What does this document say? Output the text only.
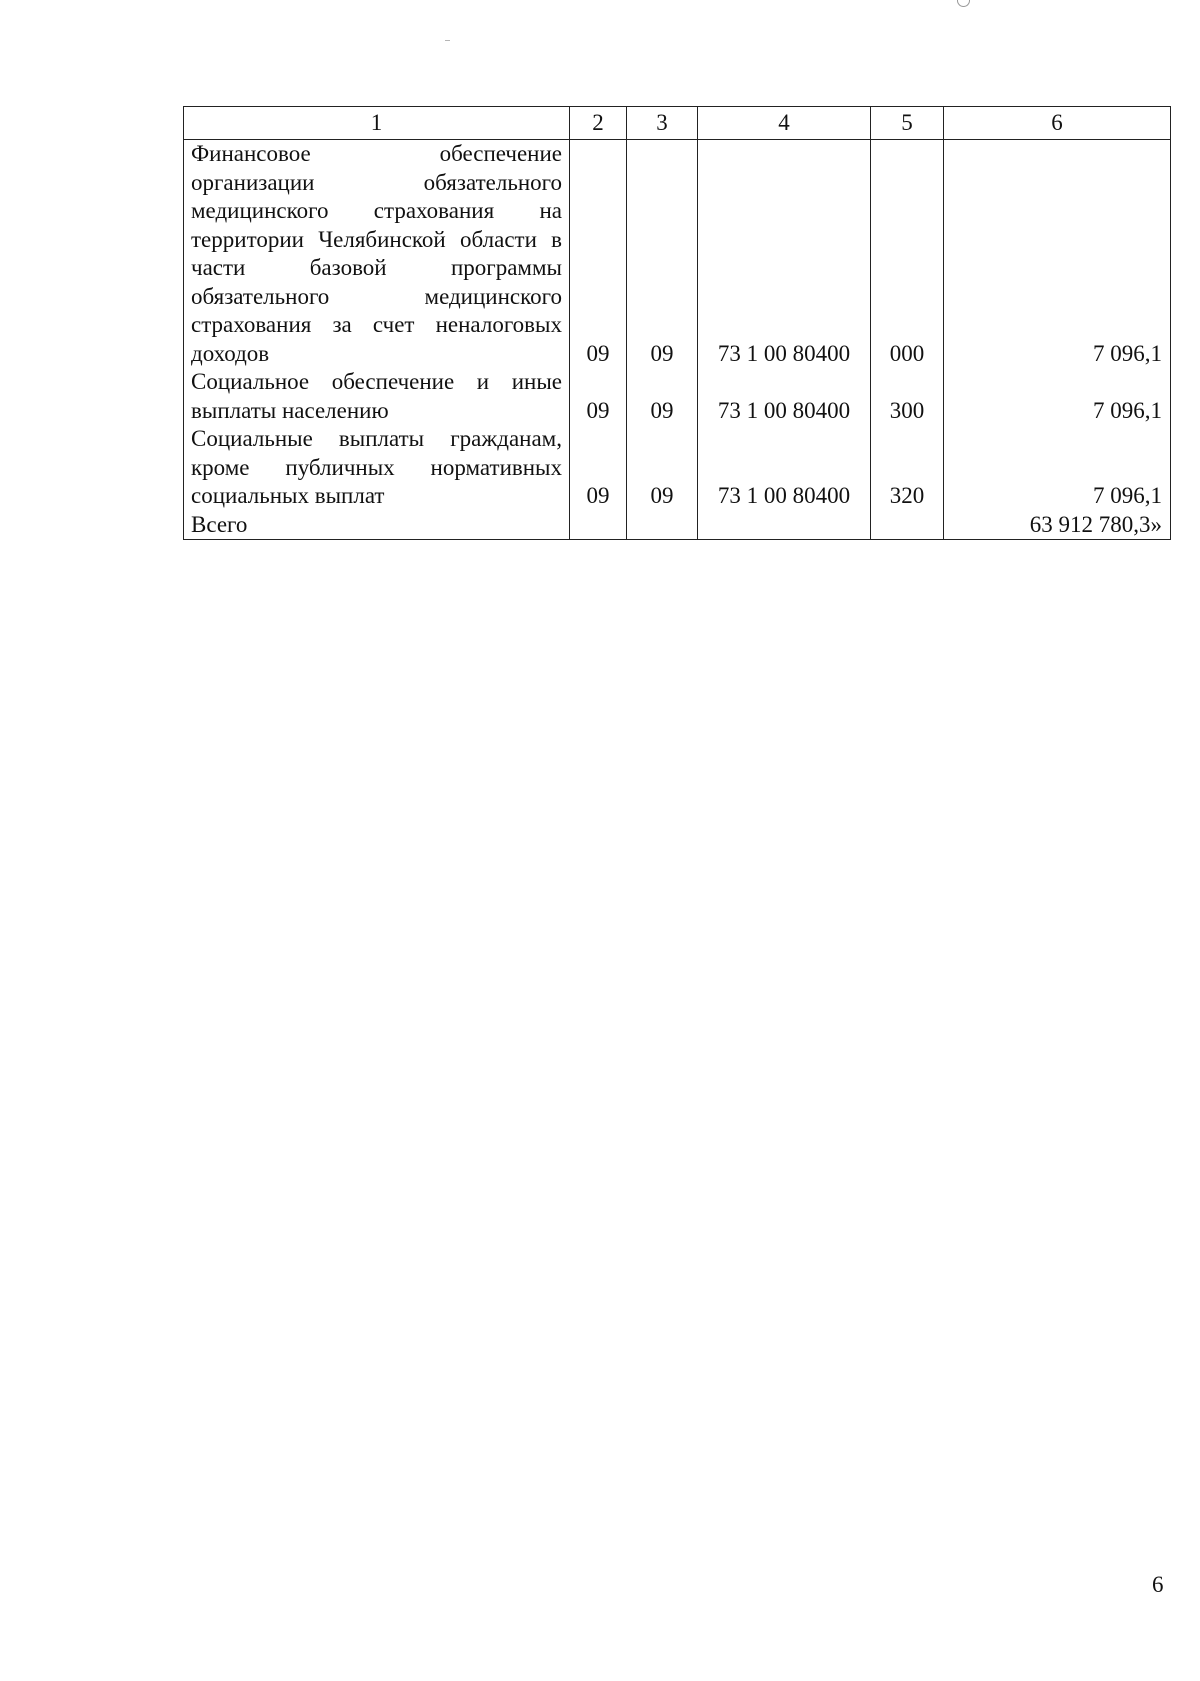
1	2	3	4	5	6
Финансовое обеспечение организации обязательного медицинского страхования на территории Челябинской области в части базовой программы обязательного медицинского страхования за счет неналоговых доходов	09	09	73 1 00 80400	000	7 096,1
Социальное обеспечение и иные выплаты населению	09	09	73 1 00 80400	300	7 096,1
Социальные выплаты гражданам, кроме публичных нормативных социальных выплат	09	09	73 1 00 80400	320	7 096,1
Всего					63 912 780,3»
6
